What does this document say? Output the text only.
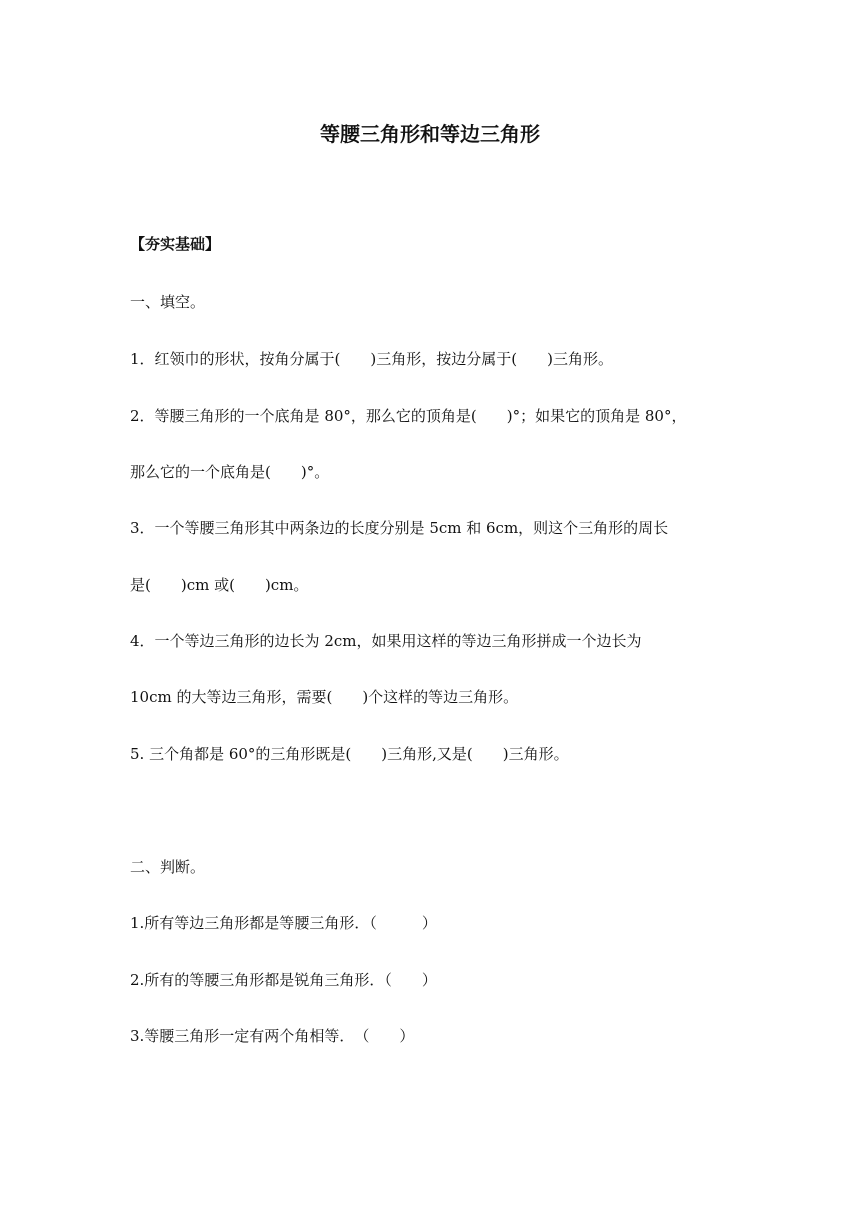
等腰三角形和等边三角形
【夯实基础】
一、填空。
1．红领巾的形状，按角分属于(　　)三角形，按边分属于(　　)三角形。
2．等腰三角形的一个底角是 80°，那么它的顶角是(　　)°；如果它的顶角是 80°，
那么它的一个底角是(　　)°。
3．一个等腰三角形其中两条边的长度分别是 5cm 和 6cm，则这个三角形的周长
是(　　)cm 或(　　)cm。
4．一个等边三角形的边长为 2cm，如果用这样的等边三角形拼成一个边长为
10cm 的大等边三角形，需要(　　)个这样的等边三角形。
5. 三个角都是 60°的三角形既是(　　)三角形,又是(　　)三角形。
二、判断。
1.所有等边三角形都是等腰三角形．（　　　）
2.所有的等腰三角形都是锐角三角形．（　　）
3.等腰三角形一定有两个角相等．　（　　）
